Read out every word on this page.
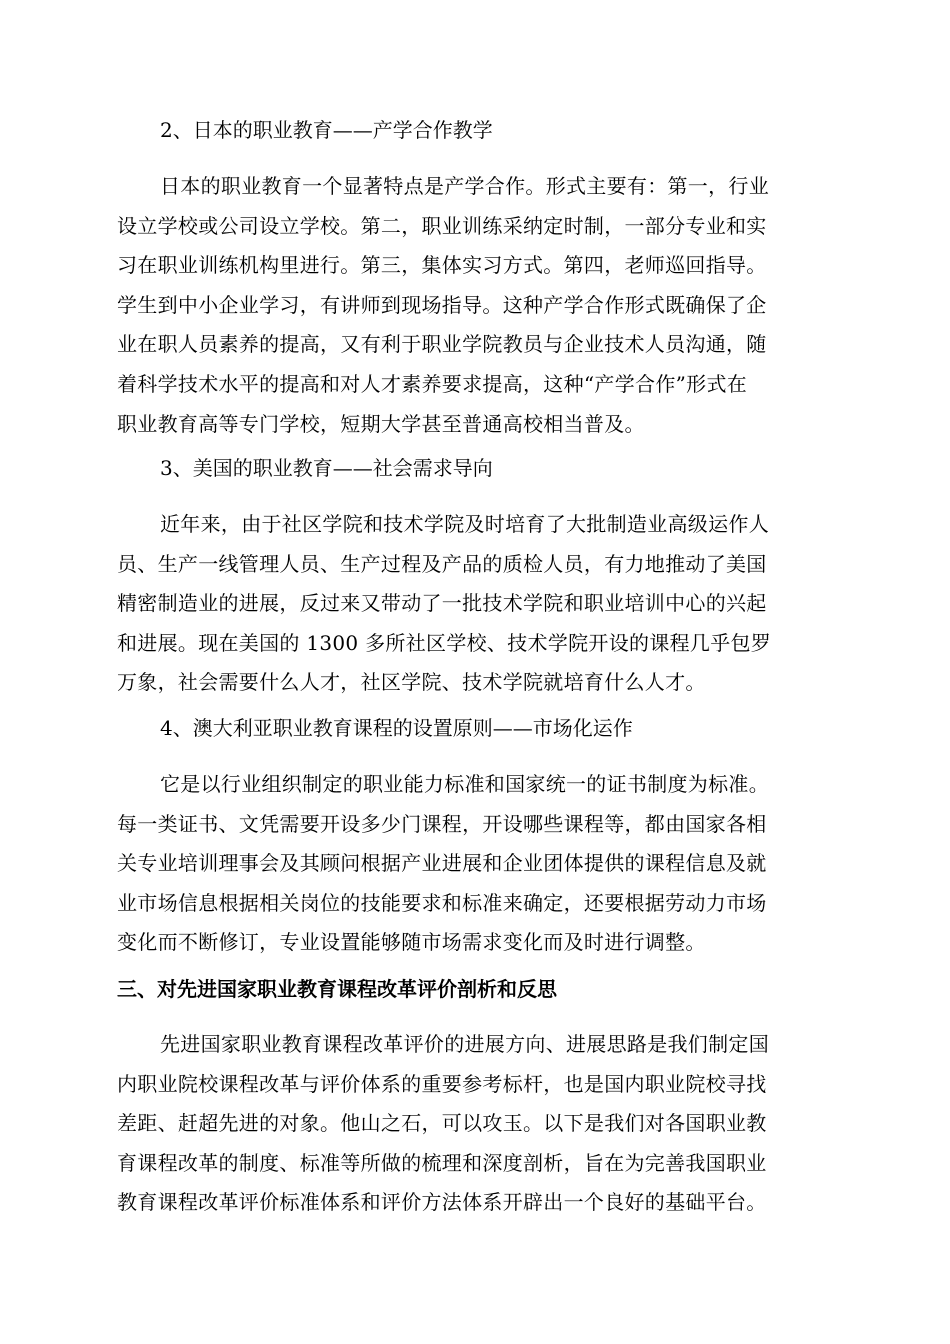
2、日本的职业教育——产学合作教学
日本的职业教育一个显著特点是产学合作。形式主要有：第一，行业
设立学校或公司设立学校。第二，职业训练采纳定时制，一部分专业和实
习在职业训练机构里进行。第三，集体实习方式。第四，老师巡回指导。
学生到中小企业学习，有讲师到现场指导。这种产学合作形式既确保了企
业在职人员素养的提高，又有利于职业学院教员与企业技术人员沟通，随
着科学技术水平的提高和对人才素养要求提高，这种“产学合作”形式在
职业教育高等专门学校，短期大学甚至普通高校相当普及。
3、美国的职业教育——社会需求导向
近年来，由于社区学院和技术学院及时培育了大批制造业高级运作人
员、生产一线管理人员、生产过程及产品的质检人员，有力地推动了美国
精密制造业的进展，反过来又带动了一批技术学院和职业培训中心的兴起
和进展。现在美国的 1300 多所社区学校、技术学院开设的课程几乎包罗
万象，社会需要什么人才，社区学院、技术学院就培育什么人才。
4、澳大利亚职业教育课程的设置原则——市场化运作
它是以行业组织制定的职业能力标准和国家统一的证书制度为标准。
每一类证书、文凭需要开设多少门课程，开设哪些课程等，都由国家各相
关专业培训理事会及其顾问根据产业进展和企业团体提供的课程信息及就
业市场信息根据相关岗位的技能要求和标准来确定，还要根据劳动力市场
变化而不断修订，专业设置能够随市场需求变化而及时进行调整。
三、对先进国家职业教育课程改革评价剖析和反思
先进国家职业教育课程改革评价的进展方向、进展思路是我们制定国
内职业院校课程改革与评价体系的重要参考标杆，也是国内职业院校寻找
差距、赶超先进的对象。他山之石，可以攻玉。以下是我们对各国职业教
育课程改革的制度、标准等所做的梳理和深度剖析，旨在为完善我国职业
教育课程改革评价标准体系和评价方法体系开辟出一个良好的基础平台。
